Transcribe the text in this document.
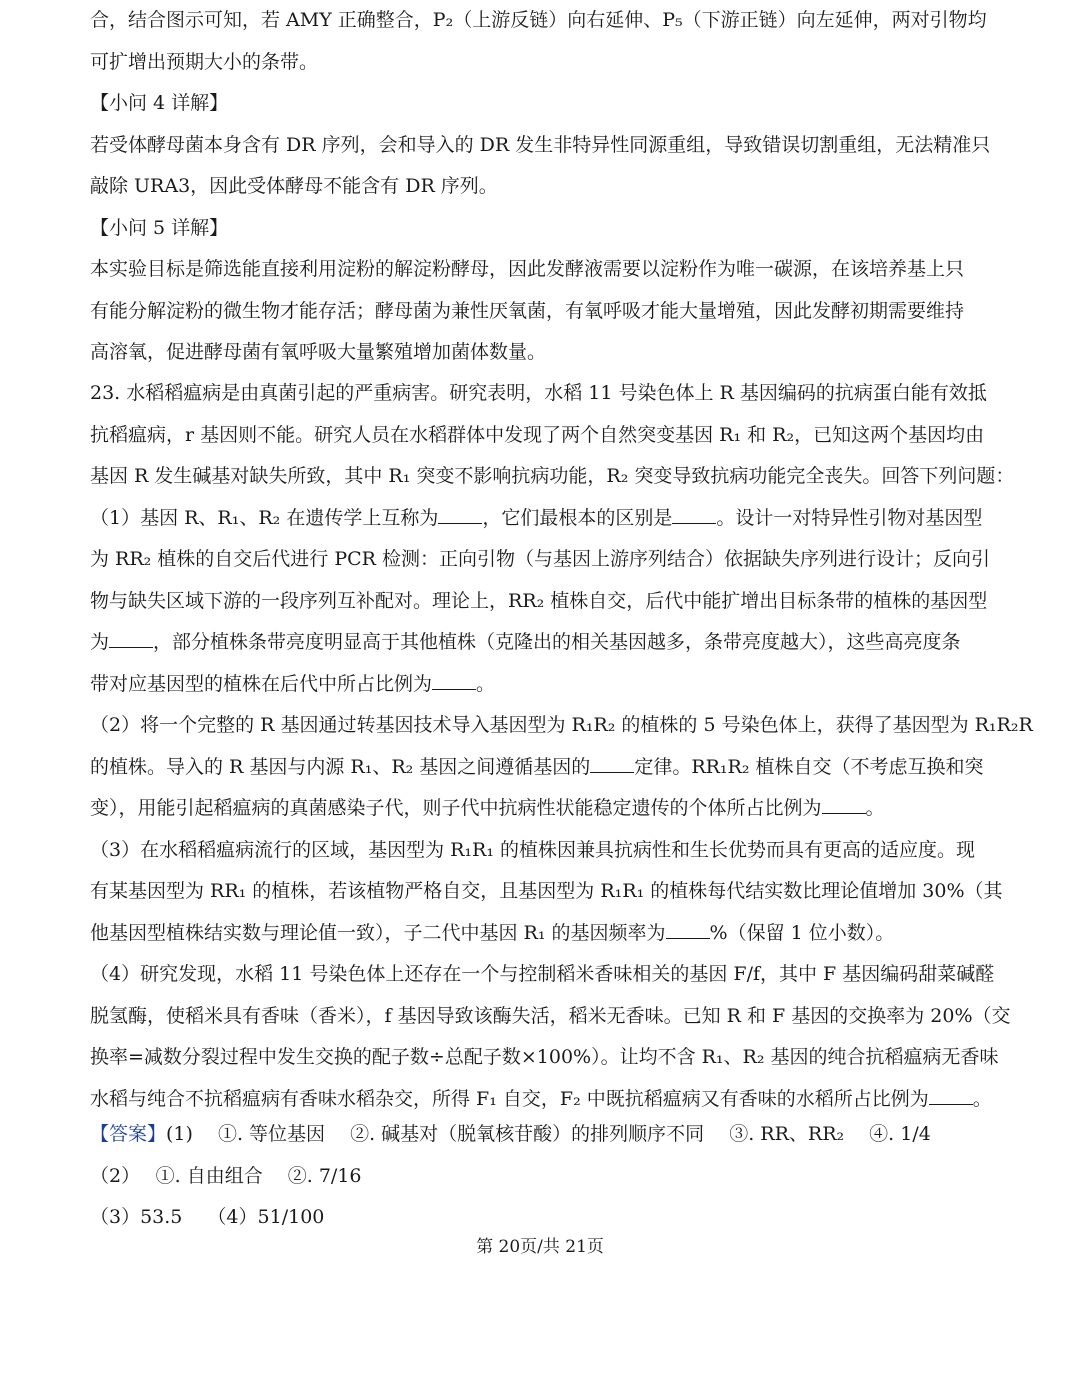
合，结合图示可知，若 AMY 正确整合，P₂（上游反链）向右延伸、P₅（下游正链）向左延伸，两对引物均
可扩增出预期大小的条带。
【小问 4 详解】
若受体酵母菌本身含有 DR 序列，会和导入的 DR 发生非特异性同源重组，导致错误切割重组，无法精准只
敲除 URA3，因此受体酵母不能含有 DR 序列。
【小问 5 详解】
本实验目标是筛选能直接利用淀粉的解淀粉酵母，因此发酵液需要以淀粉作为唯一碳源，在该培养基上只
有能分解淀粉的微生物才能存活；酵母菌为兼性厌氧菌，有氧呼吸才能大量增殖，因此发酵初期需要维持
高溶氧，促进酵母菌有氧呼吸大量繁殖增加菌体数量。
23. 水稻稻瘟病是由真菌引起的严重病害。研究表明，水稻 11 号染色体上 R 基因编码的抗病蛋白能有效抵
抗稻瘟病，r 基因则不能。研究人员在水稻群体中发现了两个自然突变基因 R₁ 和 R₂，已知这两个基因均由
基因 R 发生碱基对缺失所致，其中 R₁ 突变不影响抗病功能，R₂ 突变导致抗病功能完全丧失。回答下列问题：
（1）基因 R、R₁、R₂ 在遗传学上互称为 ，它们最根本的区别是 。设计一对特异性引物对基因型
为 RR₂ 植株的自交后代进行 PCR 检测：正向引物（与基因上游序列结合）依据缺失序列进行设计；反向引
物与缺失区域下游的一段序列互补配对。理论上，RR₂ 植株自交，后代中能扩增出目标条带的植株的基因型
为 ，部分植株条带亮度明显高于其他植株（克隆出的相关基因越多，条带亮度越大），这些高亮度条
带对应基因型的植株在后代中所占比例为 。
（2）将一个完整的 R 基因通过转基因技术导入基因型为 R₁R₂ 的植株的 5 号染色体上，获得了基因型为 R₁R₂R
的植株。导入的 R 基因与内源 R₁、R₂ 基因之间遵循基因的 定律。RR₁R₂ 植株自交（不考虑互换和突
变），用能引起稻瘟病的真菌感染子代，则子代中抗病性状能稳定遗传的个体所占比例为 。
（3）在水稻稻瘟病流行的区域，基因型为 R₁R₁ 的植株因兼具抗病性和生长优势而具有更高的适应度。现
有某基因型为 RR₁ 的植株，若该植物严格自交，且基因型为 R₁R₁ 的植株每代结实数比理论值增加 30%（其
他基因型植株结实数与理论值一致），子二代中基因 R₁ 的基因频率为 %（保留 1 位小数）。
（4）研究发现，水稻 11 号染色体上还存在一个与控制稻米香味相关的基因 F/f，其中 F 基因编码甜菜碱醛
脱氢酶，使稻米具有香味（香米），f 基因导致该酶失活，稻米无香味。已知 R 和 F 基因的交换率为 20%（交
换率=减数分裂过程中发生交换的配子数÷总配子数×100%）。让均不含 R₁、R₂ 基因的纯合抗稻瘟病无香味
水稻与纯合不抗稻瘟病有香味水稻杂交，所得 F₁ 自交，F₂ 中既抗稻瘟病又有香味的水稻所占比例为 。
【答案】(1)　 ①. 等位基因　 ②. 碱基对（脱氧核苷酸）的排列顺序不同　 ③. RR、RR₂　 ④. 1/4
（2）　 ①. 自由组合　 ②. 7/16
（3）53.5　 （4）51/100
第 20页/共 21页
